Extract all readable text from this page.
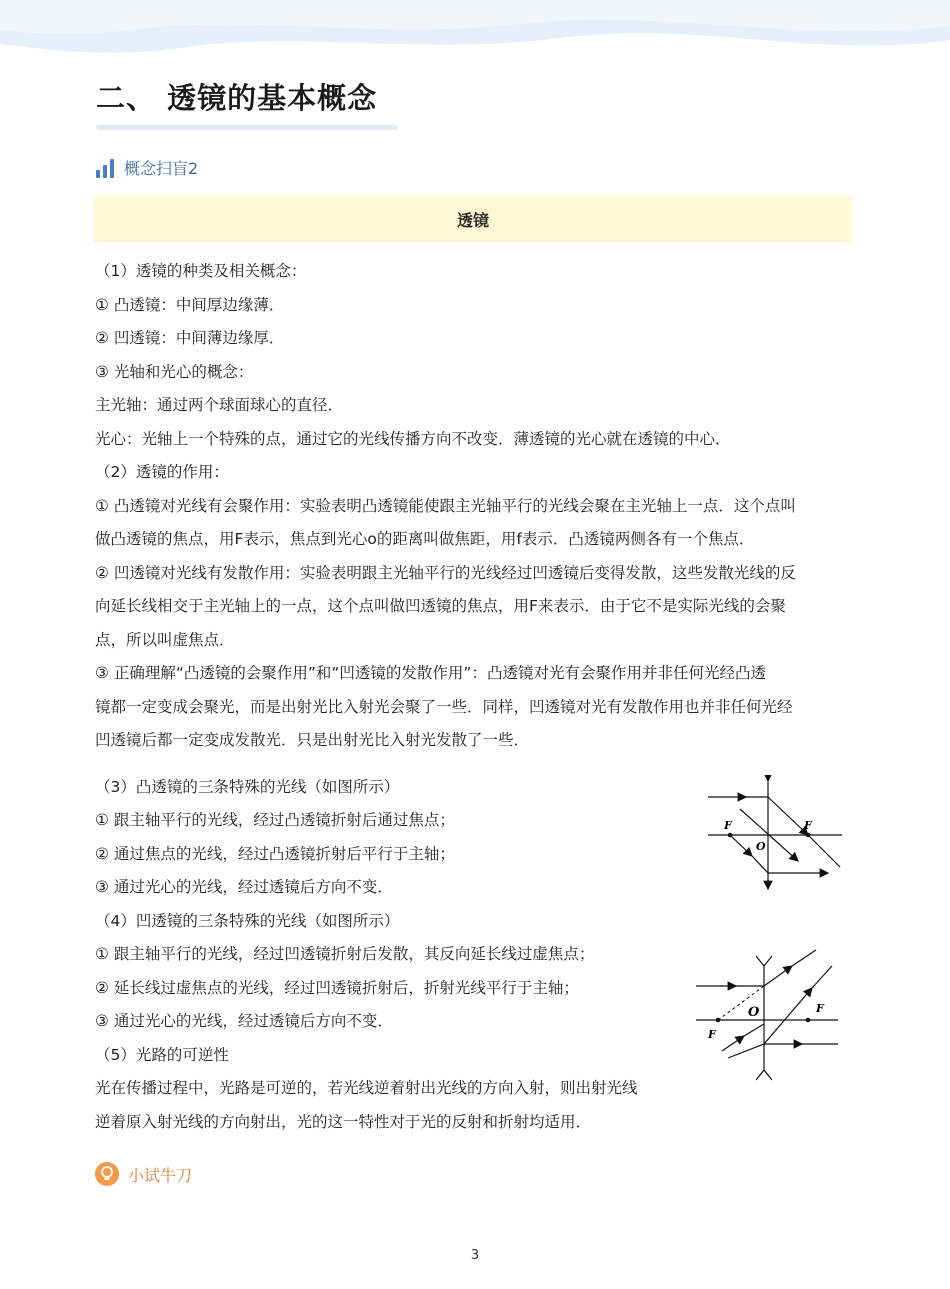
二、 透镜的基本概念
概念扫盲2
透镜
（1）透镜的种类及相关概念：
① 凸透镜：中间厚边缘薄．
② 凹透镜：中间薄边缘厚．
③ 光轴和光心的概念：
主光轴：通过两个球面球心的直径．
光心：光轴上一个特殊的点，通过它的光线传播方向不改变．薄透镜的光心就在透镜的中心．
（2）透镜的作用：
① 凸透镜对光线有会聚作用：实验表明凸透镜能使跟主光轴平行的光线会聚在主光轴上一点．这个点叫
做凸透镜的焦点，用F表示，焦点到光心o的距离叫做焦距，用f表示．凸透镜两侧各有一个焦点．
② 凹透镜对光线有发散作用：实验表明跟主光轴平行的光线经过凹透镜后变得发散，这些发散光线的反
向延长线相交于主光轴上的一点，这个点叫做凹透镜的焦点，用F来表示．由于它不是实际光线的会聚
点，所以叫虚焦点．
③ 正确理解“凸透镜的会聚作用”和“凹透镜的发散作用”：凸透镜对光有会聚作用并非任何光经凸透
镜都一定变成会聚光，而是出射光比入射光会聚了一些．同样，凹透镜对光有发散作用也并非任何光经
凹透镜后都一定变成发散光．只是出射光比入射光发散了一些．
（3）凸透镜的三条特殊的光线（如图所示）
① 跟主轴平行的光线，经过凸透镜折射后通过焦点；
② 通过焦点的光线，经过凸透镜折射后平行于主轴；
③ 通过光心的光线，经过透镜后方向不变．
（4）凹透镜的三条特殊的光线（如图所示）
① 跟主轴平行的光线，经过凹透镜折射后发散，其反向延长线过虚焦点；
② 延长线过虚焦点的光线，经过凹透镜折射后，折射光线平行于主轴；
③ 通过光心的光线，经过透镜后方向不变．
（5）光路的可逆性
光在传播过程中，光路是可逆的，若光线逆着射出光线的方向入射，则出射光线
逆着原入射光线的方向射出，光的这一特性对于光的反射和折射均适用．
F	F
O
F
F
O
小试牛刀
3
